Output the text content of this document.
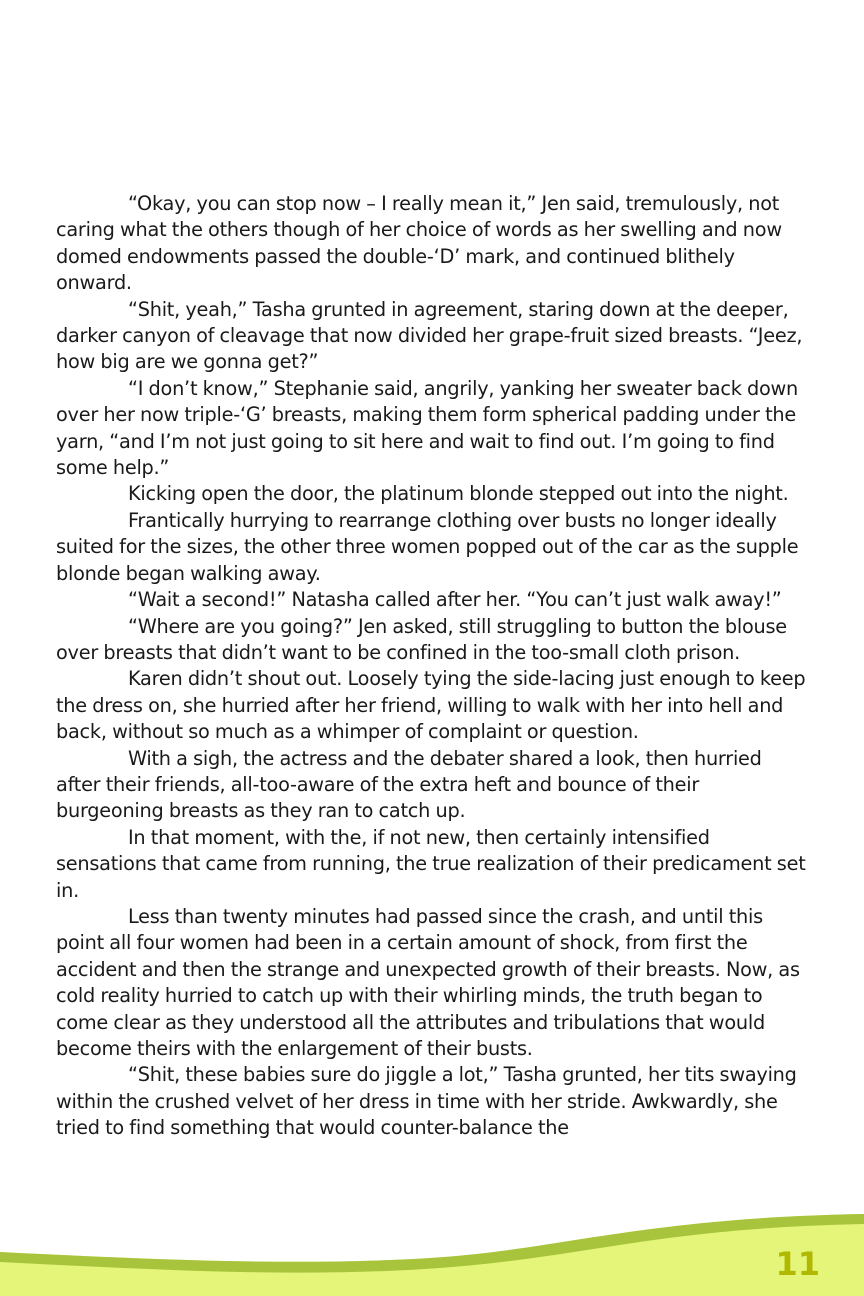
“Okay, you can stop now – I really mean it,” Jen said, tremulously, not caring what the others though of her choice of words as her swelling and now domed endowments passed the double-‘D’ mark, and continued blithely onward.

“Shit, yeah,” Tasha grunted in agreement, staring down at the deeper, darker canyon of cleavage that now divided her grape-fruit sized breasts. “Jeez, how big are we gonna get?”

“I don’t know,” Stephanie said, angrily, yanking her sweater back down over her now triple-‘G’ breasts, making them form spherical padding under the yarn, “and I’m not just going to sit here and wait to find out. I’m going to find some help.”

Kicking open the door, the platinum blonde stepped out into the night.

Frantically hurrying to rearrange clothing over busts no longer ideally suited for the sizes, the other three women popped out of the car as the supple blonde began walking away.

“Wait a second!” Natasha called after her. “You can’t just walk away!”

“Where are you going?” Jen asked, still struggling to button the blouse over breasts that didn’t want to be confined in the too-small cloth prison.

Karen didn’t shout out. Loosely tying the side-lacing just enough to keep the dress on, she hurried after her friend, willing to walk with her into hell and back, without so much as a whimper of complaint or question.

With a sigh, the actress and the debater shared a look, then hurried after their friends, all-too-aware of the extra heft and bounce of their burgeoning breasts as they ran to catch up.

In that moment, with the, if not new, then certainly intensified sensations that came from running, the true realization of their predicament set in.

Less than twenty minutes had passed since the crash, and until this point all four women had been in a certain amount of shock, from first the accident and then the strange and unexpected growth of their breasts. Now, as cold reality hurried to catch up with their whirling minds, the truth began to come clear as they understood all the attributes and tribulations that would become theirs with the enlargement of their busts.

“Shit, these babies sure do jiggle a lot,” Tasha grunted, her tits swaying within the crushed velvet of her dress in time with her stride. Awkwardly, she tried to find something that would counter-balance the

11
